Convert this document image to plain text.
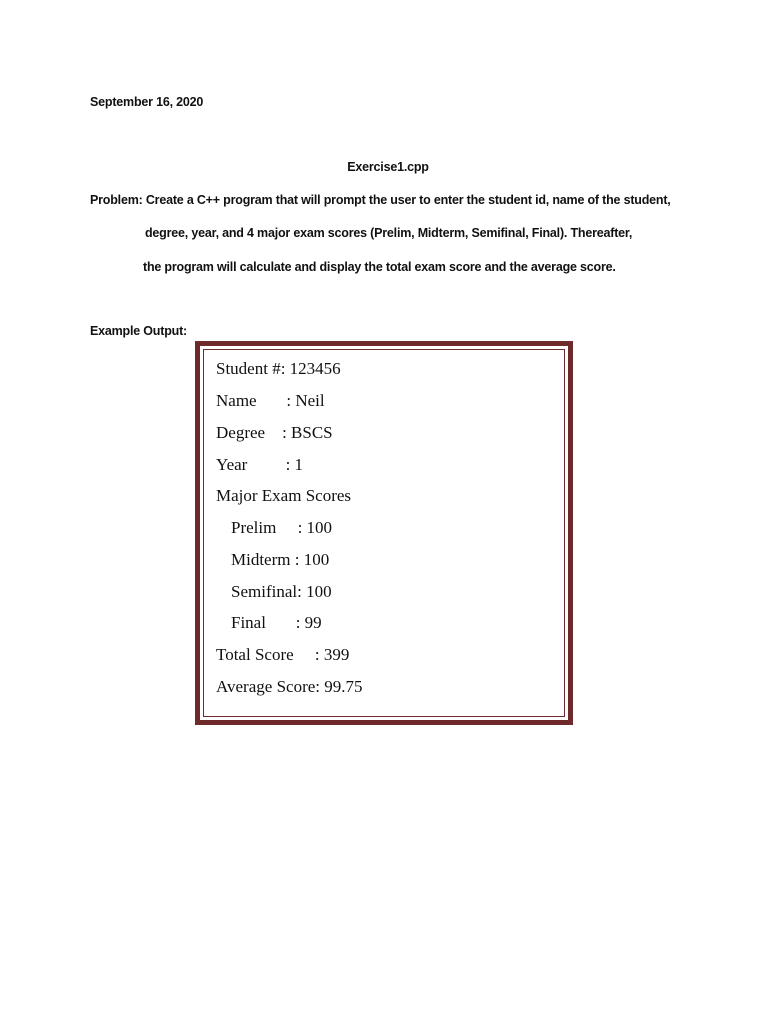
September 16, 2020
Exercise1.cpp
Problem: Create a C++ program that will prompt the user to enter the student id, name of the student,
degree, year, and 4 major exam scores (Prelim, Midterm, Semifinal, Final). Thereafter,
the program will calculate and display the total exam score and the average score.
Example Output:
Student #: 123456
Name       : Neil
Degree    : BSCS
Year         : 1
Major Exam Scores
Prelim     : 100
Midterm : 100
Semifinal: 100
Final       : 99
Total Score     : 399
Average Score: 99.75
